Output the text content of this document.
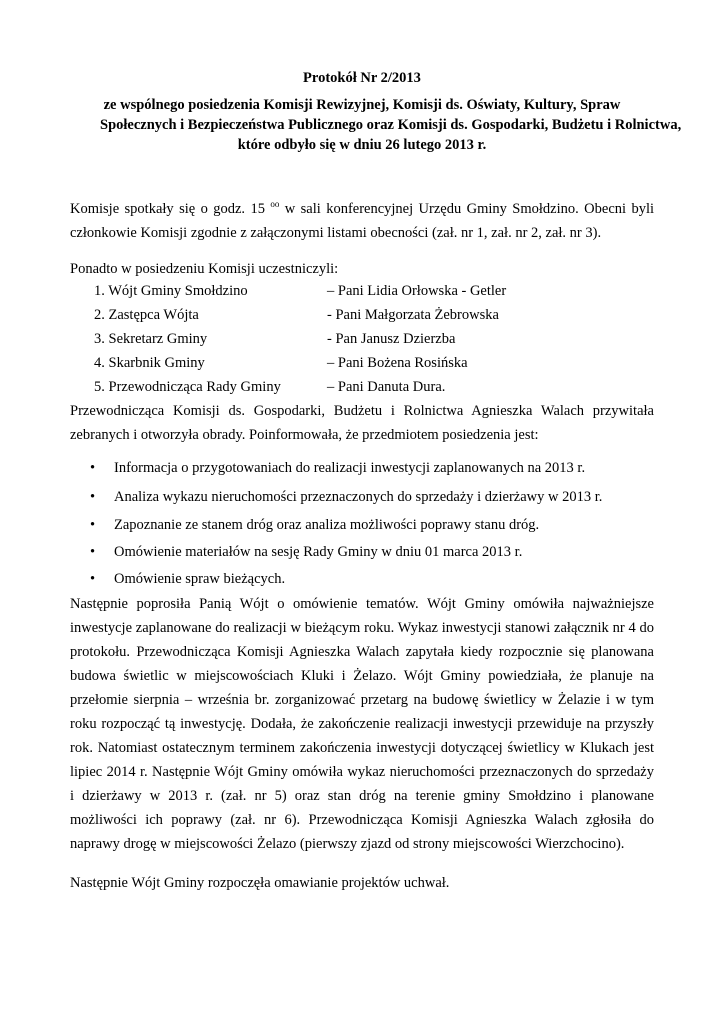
Protokół Nr 2/2013
ze wspólnego posiedzenia Komisji Rewizyjnej, Komisji ds. Oświaty, Kultury, Spraw
Społecznych i Bezpieczeństwa Publicznego oraz Komisji ds. Gospodarki, Budżetu i Rolnictwa,
które odbyło się w dniu 26 lutego 2013 r.
Komisje spotkały się o godz. 15 $^{oo}$ w sali konferencyjnej Urzędu Gminy Smołdzino. Obecni byli
członkowie Komisji zgodnie z załączonymi listami obecności (zał. nr 1, zał. nr 2, zał. nr 3).
Ponadto w posiedzeniu Komisji uczestniczyli:
1. Wójt Gminy Smołdzino	– Pani Lidia Orłowska - Getler
2. Zastępca Wójta	- Pani Małgorzata Żebrowska
3. Sekretarz Gminy	- Pan Janusz Dzierzba
4. Skarbnik Gminy	– Pani Bożena Rosińska
5. Przewodnicząca Rady Gminy	– Pani Danuta Dura.
Przewodnicząca Komisji ds. Gospodarki, Budżetu i Rolnictwa Agnieszka Walach przywitała
zebranych i otworzyła obrady. Poinformowała, że przedmiotem posiedzenia jest:
• Informacja o przygotowaniach do realizacji inwestycji zaplanowanych na 2013 r.
• Analiza wykazu nieruchomości przeznaczonych do sprzedaży i dzierżawy w 2013 r.
• Zapoznanie ze stanem dróg oraz analiza możliwości poprawy stanu dróg.
• Omówienie materiałów na sesję Rady Gminy w dniu 01 marca 2013 r.
• Omówienie spraw bieżących.
Następnie poprosiła Panią Wójt o omówienie tematów. Wójt Gminy omówiła najważniejsze
inwestycje zaplanowane do realizacji w bieżącym roku. Wykaz inwestycji stanowi załącznik nr 4 do
protokołu. Przewodnicząca Komisji Agnieszka Walach zapytała kiedy rozpocznie się planowana
budowa świetlic w miejscowościach Kluki i Żelazo. Wójt Gminy powiedziała, że planuje na
przełomie sierpnia – września br. zorganizować przetarg na budowę świetlicy w Żelazie i w tym
roku rozpocząć tą inwestycję. Dodała, że zakończenie realizacji inwestycji przewiduje na przyszły
rok. Natomiast ostatecznym terminem zakończenia inwestycji dotyczącej świetlicy w Klukach jest
lipiec 2014 r. Następnie Wójt Gminy omówiła wykaz nieruchomości przeznaczonych do sprzedaży
i dzierżawy w 2013 r. (zał. nr 5) oraz stan dróg na terenie gminy Smołdzino i planowane
możliwości ich poprawy (zał. nr 6). Przewodnicząca Komisji Agnieszka Walach zgłosiła do
naprawy drogę w miejscowości Żelazo (pierwszy zjazd od strony miejscowości Wierzchocino).
Następnie Wójt Gminy rozpoczęła omawianie projektów uchwał.
